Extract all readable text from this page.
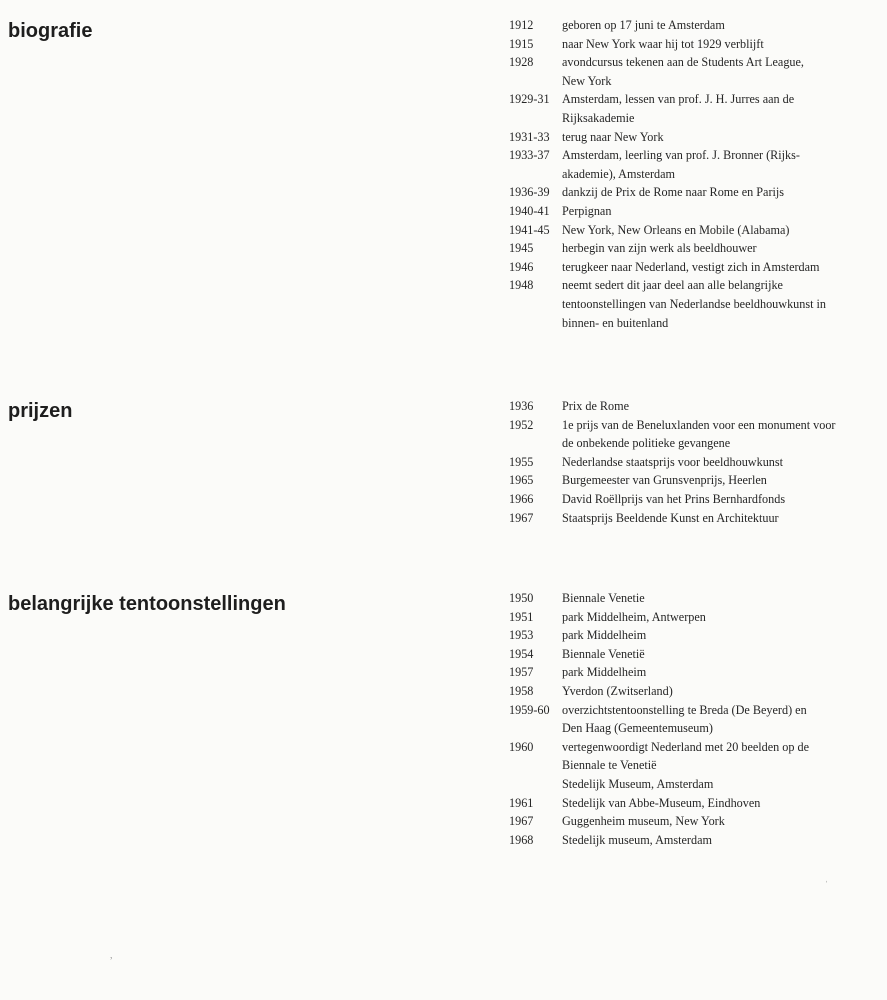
biografie	1912	geboren op 17 juni te Amsterdam
1915	naar New York waar hij tot 1929 verblijft
1928	avondcursus tekenen aan de Students Art League,
New York
1929-31	Amsterdam, lessen van prof. J. H. Jurres aan de
Rijksakademie
1931-33	terug naar New York
1933-37	Amsterdam, leerling van prof. J. Bronner (Rijks-
akademie), Amsterdam
1936-39	dankzij de Prix de Rome naar Rome en Parijs
1940-41	Perpignan
1941-45	New York, New Orleans en Mobile (Alabama)
1945	herbegin van zijn werk als beeldhouwer
1946	terugkeer naar Nederland, vestigt zich in Amsterdam
1948	neemt sedert dit jaar deel aan alle belangrijke
tentoonstellingen van Nederlandse beeldhouwkunst in
binnen- en buitenland
prijzen	1936	Prix de Rome
1952	1e prijs van de Beneluxlanden voor een monument voor
de onbekende politieke gevangene
1955	Nederlandse staatsprijs voor beeldhouwkunst
1965	Burgemeester van Grunsvenprijs, Heerlen
1966	David Roëllprijs van het Prins Bernhardfonds
1967	Staatsprijs Beeldende Kunst en Architektuur
belangrijke tentoonstellingen	1950	Biennale Venetie
1951	park Middelheim, Antwerpen
1953	park Middelheim
1954	Biennale Venetië
1957	park Middelheim
1958	Yverdon (Zwitserland)
1959-60	overzichtstentoonstelling te Breda (De Beyerd) en
Den Haag (Gemeentemuseum)
1960	vertegenwoordigt Nederland met 20 beelden op de
Biennale te Venetië
Stedelijk Museum, Amsterdam
1961	Stedelijk van Abbe-Museum, Eindhoven
1967	Guggenheim museum, New York
1968	Stedelijk museum, Amsterdam
,
ˌ
